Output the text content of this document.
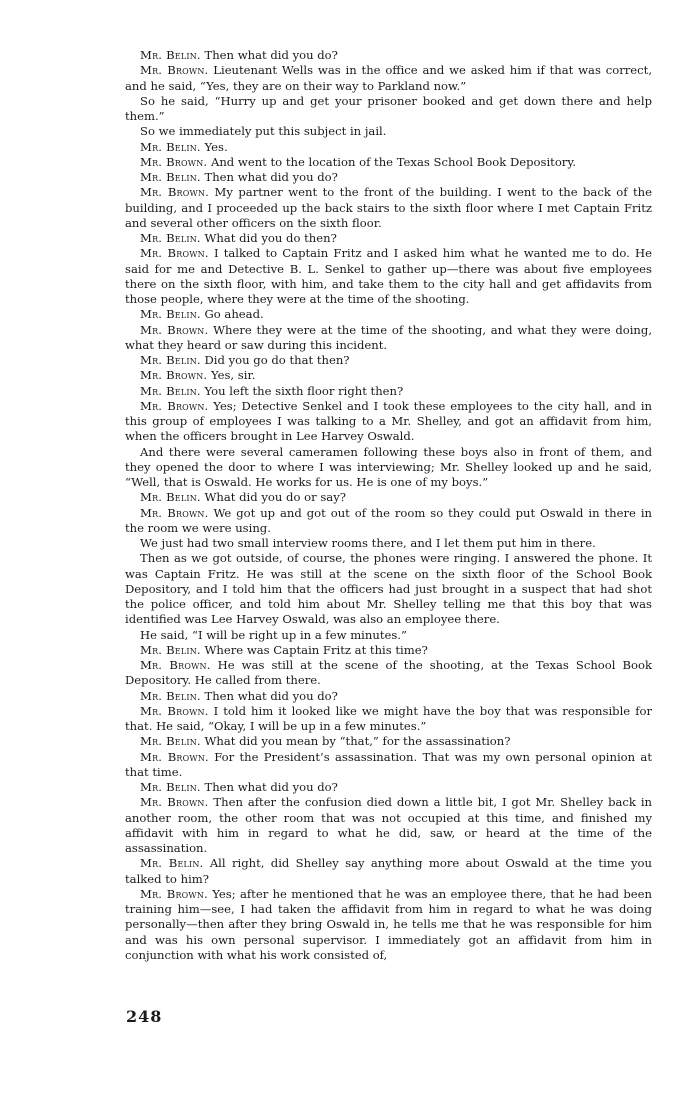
Mr. Belin. Then what did you do?

Mr. Brown. Lieutenant Wells was in the office and we asked him if that was correct, and he said, “Yes, they are on their way to Parkland now.”

So he said, “Hurry up and get your prisoner booked and get down there and help them.”

So we immediately put this subject in jail.

Mr. Belin. Yes.

Mr. Brown. And went to the location of the Texas School Book Depository.

Mr. Belin. Then what did you do?

Mr. Brown. My partner went to the front of the building. I went to the back of the building, and I proceeded up the back stairs to the sixth floor where I met Captain Fritz and several other officers on the sixth floor.

Mr. Belin. What did you do then?

Mr. Brown. I talked to Captain Fritz and I asked him what he wanted me to do. He said for me and Detective B. L. Senkel to gather up—there was about five employees there on the sixth floor, with him, and take them to the city hall and get affidavits from those people, where they were at the time of the shooting.

Mr. Belin. Go ahead.

Mr. Brown. Where they were at the time of the shooting, and what they were doing, what they heard or saw during this incident.

Mr. Belin. Did you go do that then?

Mr. Brown. Yes, sir.

Mr. Belin. You left the sixth floor right then?

Mr. Brown. Yes; Detective Senkel and I took these employees to the city hall, and in this group of employees I was talking to a Mr. Shelley, and got an affidavit from him, when the officers brought in Lee Harvey Oswald.

And there were several cameramen following these boys also in front of them, and they opened the door to where I was interviewing; Mr. Shelley looked up and he said, “Well, that is Oswald. He works for us. He is one of my boys.”

Mr. Belin. What did you do or say?

Mr. Brown. We got up and got out of the room so they could put Oswald in there in the room we were using.

We just had two small interview rooms there, and I let them put him in there.

Then as we got outside, of course, the phones were ringing. I answered the phone. It was Captain Fritz. He was still at the scene on the sixth floor of the School Book Depository, and I told him that the officers had just brought in a suspect that had shot the police officer, and told him about Mr. Shelley telling me that this boy that was identified was Lee Harvey Oswald, was also an employee there.

He said, “I will be right up in a few minutes.”

Mr. Belin. Where was Captain Fritz at this time?

Mr. Brown. He was still at the scene of the shooting, at the Texas School Book Depository. He called from there.

Mr. Belin. Then what did you do?

Mr. Brown. I told him it looked like we might have the boy that was responsible for that. He said, “Okay, I will be up in a few minutes.”

Mr. Belin. What did you mean by “that,” for the assassination?

Mr. Brown. For the President’s assassination. That was my own personal opinion at that time.

Mr. Belin. Then what did you do?

Mr. Brown. Then after the confusion died down a little bit, I got Mr. Shelley back in another room, the other room that was not occupied at this time, and finished my affidavit with him in regard to what he did, saw, or heard at the time of the assassination.

Mr. Belin. All right, did Shelley say anything more about Oswald at the time you talked to him?

Mr. Brown. Yes; after he mentioned that he was an employee there, that he had been training him—see, I had taken the affidavit from him in regard to what he was doing personally—then after they bring Oswald in, he tells me that he was responsible for him and was his own personal supervisor. I immediately got an affidavit from him in conjunction with what his work consisted of,

248
